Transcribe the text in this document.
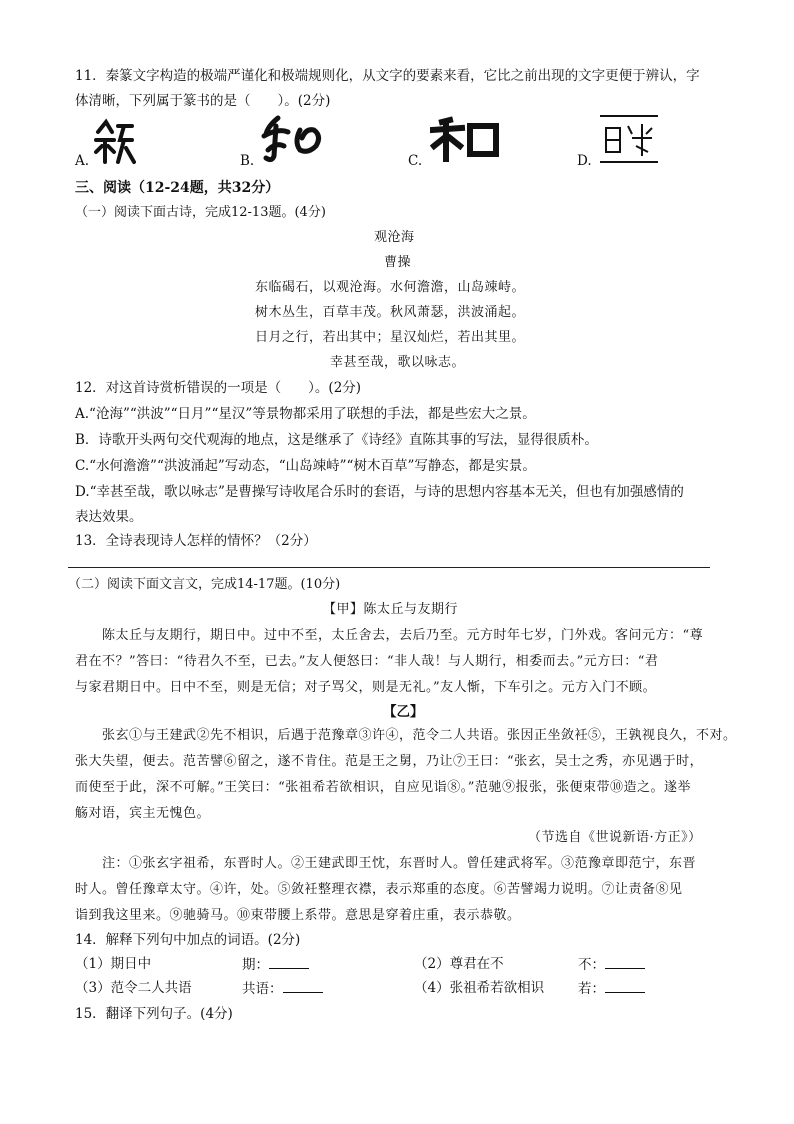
11．秦篆文字构造的极端严谨化和极端规则化，从文字的要素来看，它比之前出现的文字更便于辨认，字
体清晰，下列属于篆书的是（　　）。(2分)
A.	B.	C.	D.
三、阅读（12-24题，共32分）
（一）阅读下面古诗，完成12-13题。(4分)
观沧海
曹操
东临碣石，以观沧海。水何澹澹，山岛竦峙。
树木丛生，百草丰茂。秋风萧瑟，洪波涌起。
日月之行，若出其中；星汉灿烂，若出其里。
幸甚至哉，歌以咏志。
12．对这首诗赏析错误的一项是（　　）。(2分)
A.“沧海”“洪波”“日月”“星汉”等景物都采用了联想的手法，都是些宏大之景。
B．诗歌开头两句交代观海的地点，这是继承了《诗经》直陈其事的写法，显得很质朴。
C.“水何澹澹”“洪波涌起”写动态，“山岛竦峙”“树木百草”写静态，都是实景。
D.“幸甚至哉，歌以咏志”是曹操写诗收尾合乐时的套语，与诗的思想内容基本无关，但也有加强感情的
表达效果。
13．全诗表现诗人怎样的情怀？（2分）
（二）阅读下面文言文，完成14-17题。(10分)
【甲】陈太丘与友期行
陈太丘与友期行，期日中。过中不至，太丘舍去，去后乃至。元方时年七岁，门外戏。客问元方：“尊
君在不？”答曰：“待君久不至，已去。”友人便怒曰：“非人哉！与人期行，相委而去。”元方曰：“君
与家君期日中。日中不至，则是无信；对子骂父，则是无礼。”友人惭，下车引之。元方入门不顾。
【乙】
张玄①与王建武②先不相识，后遇于范豫章③许④，范令二人共语。张因正坐敛衽⑤，王孰视良久，不对。
张大失望，便去。范苦譬⑥留之，遂不肯住。范是王之舅，乃让⑦王曰：“张玄，吴士之秀，亦见遇于时，
而使至于此，深不可解。”王笑曰：“张祖希若欲相识，自应见诣⑧。”范驰⑨报张，张便束带⑩造之。遂举
觞对语，宾主无愧色。
（节选自《世说新语·方正》）
注：①张玄字祖希，东晋时人。②王建武即王忱，东晋时人。曾任建武将军。③范豫章即范宁，东晋
时人。曾任豫章太守。④许，处。⑤敛衽整理衣襟，表示郑重的态度。⑥苦譬竭力说明。⑦让责备⑧见
诣到我这里来。⑨驰骑马。⑩束带腰上系带。意思是穿着庄重，表示恭敬。
14．解释下列句中加点的词语。(2分)
（1）期日中	期：	（2）尊君在不	不：
（3）范令二人共语	共语：	（4）张祖希若欲相识	若：
15．翻译下列句子。(4分)
